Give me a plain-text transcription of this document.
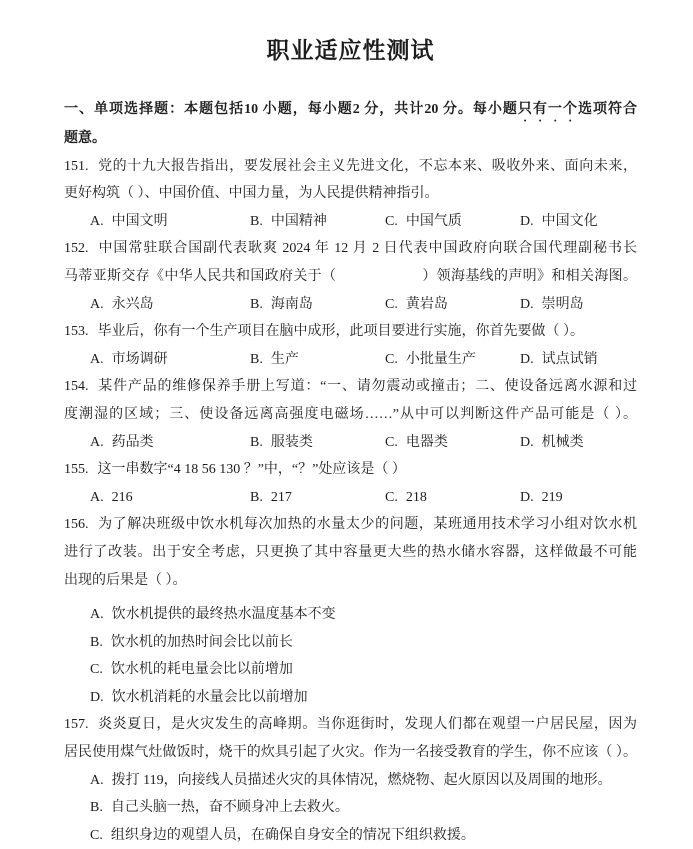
职业适应性测试
一、单项选择题：本题包括10 小题，每小题2 分，共计20 分。每小题只有一个选项符合
题意。
151. 党的十九大报告指出，要发展社会主义先进文化，不忘本来、吸收外来、面向未来，
更好构筑（ ）、中国价值、中国力量，为人民提供精神指引。
A. 中国文明	B. 中国精神	C. 中国气质	D. 中国文化
152. 中国常驻联合国副代表耿爽 2024 年 12 月 2 日代表中国政府向联合国代理副秘书长
马蒂亚斯交存《中华人民共和国政府关于（　　　　　　）领海基线的声明》和相关海图。
A. 永兴岛	B. 海南岛	C. 黄岩岛	D. 崇明岛
153. 毕业后，你有一个生产项目在脑中成形，此项目要进行实施，你首先要做（ ）。
A. 市场调研	B. 生产	C. 小批量生产	D. 试点试销
154. 某件产品的维修保养手册上写道：“一、请勿震动或撞击；二、使设备远离水源和过
度潮湿的区域；三、使设备远离高强度电磁场……”从中可以判断这件产品可能是（ ）。
A. 药品类	B. 服装类	C. 电器类	D. 机械类
155. 这一串数字“4 18 56 130 ？”中，“？”处应该是（ ）
A. 216	B. 217	C. 218	D. 219
156. 为了解决班级中饮水机每次加热的水量太少的问题，某班通用技术学习小组对饮水机
进行了改装。出于安全考虑，只更换了其中容量更大些的热水储水容器，这样做最不可能
出现的后果是（ ）。
A. 饮水机提供的最终热水温度基本不变
B. 饮水机的加热时间会比以前长
C. 饮水机的耗电量会比以前增加
D. 饮水机消耗的水量会比以前增加
157. 炎炎夏日，是火灾发生的高峰期。当你逛街时，发现人们都在观望一户居民屋，因为
居民使用煤气灶做饭时，烧干的炊具引起了火灾。作为一名接受教育的学生，你不应该（ ）。
A. 拨打 119，向接线人员描述火灾的具体情况，燃烧物、起火原因以及周围的地形。
B. 自己头脑一热，奋不顾身冲上去救火。
C. 组织身边的观望人员，在确保自身安全的情况下组织救援。
